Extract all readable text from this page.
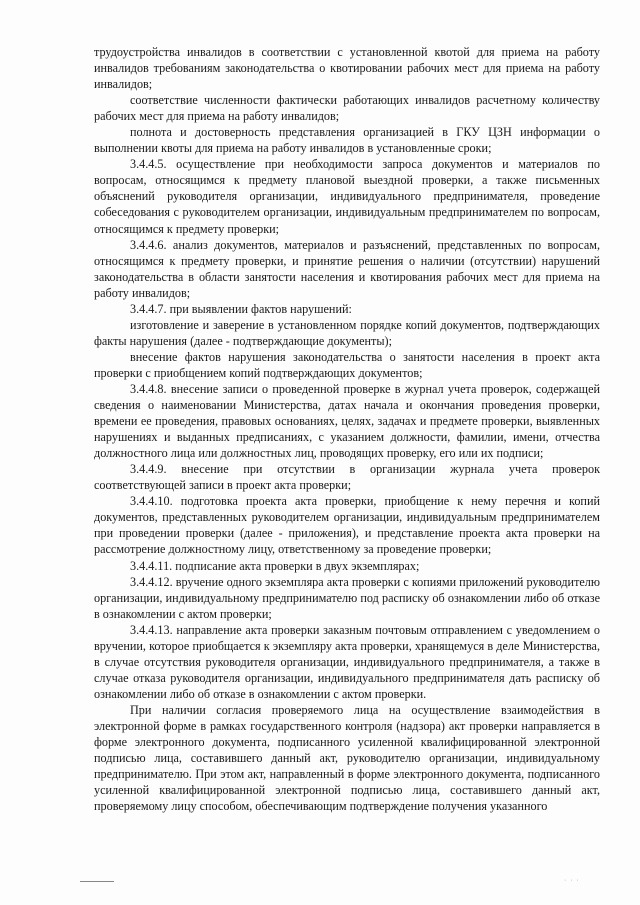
трудоустройства инвалидов в соответствии с установленной квотой для приема на работу инвалидов требованиям законодательства о квотировании рабочих мест для приема на работу инвалидов;

соответствие численности фактически работающих инвалидов расчетному количеству рабочих мест для приема на работу инвалидов;

полнота и достоверность представления организацией в ГКУ ЦЗН информации о выполнении квоты для приема на работу инвалидов в установленные сроки;

3.4.4.5. осуществление при необходимости запроса документов и материалов по вопросам, относящимся к предмету плановой выездной проверки, а также письменных объяснений руководителя организации, индивидуального предпринимателя, проведение собеседования с руководителем организации, индивидуальным предпринимателем по вопросам, относящимся к предмету проверки;

3.4.4.6. анализ документов, материалов и разъяснений, представленных по вопросам, относящимся к предмету проверки, и принятие решения о наличии (отсутствии) нарушений законодательства в области занятости населения и квотирования рабочих мест для приема на работу инвалидов;

3.4.4.7. при выявлении фактов нарушений:

изготовление и заверение в установленном порядке копий документов, подтверждающих факты нарушения (далее - подтверждающие документы);

внесение фактов нарушения законодательства о занятости населения в проект акта проверки с приобщением копий подтверждающих документов;

3.4.4.8. внесение записи о проведенной проверке в журнал учета проверок, содержащей сведения о наименовании Министерства, датах начала и окончания проведения проверки, времени ее проведения, правовых основаниях, целях, задачах и предмете проверки, выявленных нарушениях и выданных предписаниях, с указанием должности, фамилии, имени, отчества должностного лица или должностных лиц, проводящих проверку, его или их подписи;

3.4.4.9. внесение при отсутствии в организации журнала учета проверок соответствующей записи в проект акта проверки;

3.4.4.10. подготовка проекта акта проверки, приобщение к нему перечня и копий документов, представленных руководителем организации, индивидуальным предпринимателем при проведении проверки (далее - приложения), и представление проекта акта проверки на рассмотрение должностному лицу, ответственному за проведение проверки;

3.4.4.11. подписание акта проверки в двух экземплярах;

3.4.4.12. вручение одного экземпляра акта проверки с копиями приложений руководителю организации, индивидуальному предпринимателю под расписку об ознакомлении либо об отказе в ознакомлении с актом проверки;

3.4.4.13. направление акта проверки заказным почтовым отправлением с уведомлением о вручении, которое приобщается к экземпляру акта проверки, хранящемуся в деле Министерства, в случае отсутствия руководителя организации, индивидуального предпринимателя, а также в случае отказа руководителя организации, индивидуального предпринимателя дать расписку об ознакомлении либо об отказе в ознакомлении с актом проверки.

При наличии согласия проверяемого лица на осуществление взаимодействия в электронной форме в рамках государственного контроля (надзора) акт проверки направляется в форме электронного документа, подписанного усиленной квалифицированной электронной подписью лица, составившего данный акт, руководителю организации, индивидуальному предпринимателю. При этом акт, направленный в форме электронного документа, подписанного усиленной квалифицированной электронной подписью лица, составившего данный акт, проверяемому лицу способом, обеспечивающим подтверждение получения указанного

· · ·
